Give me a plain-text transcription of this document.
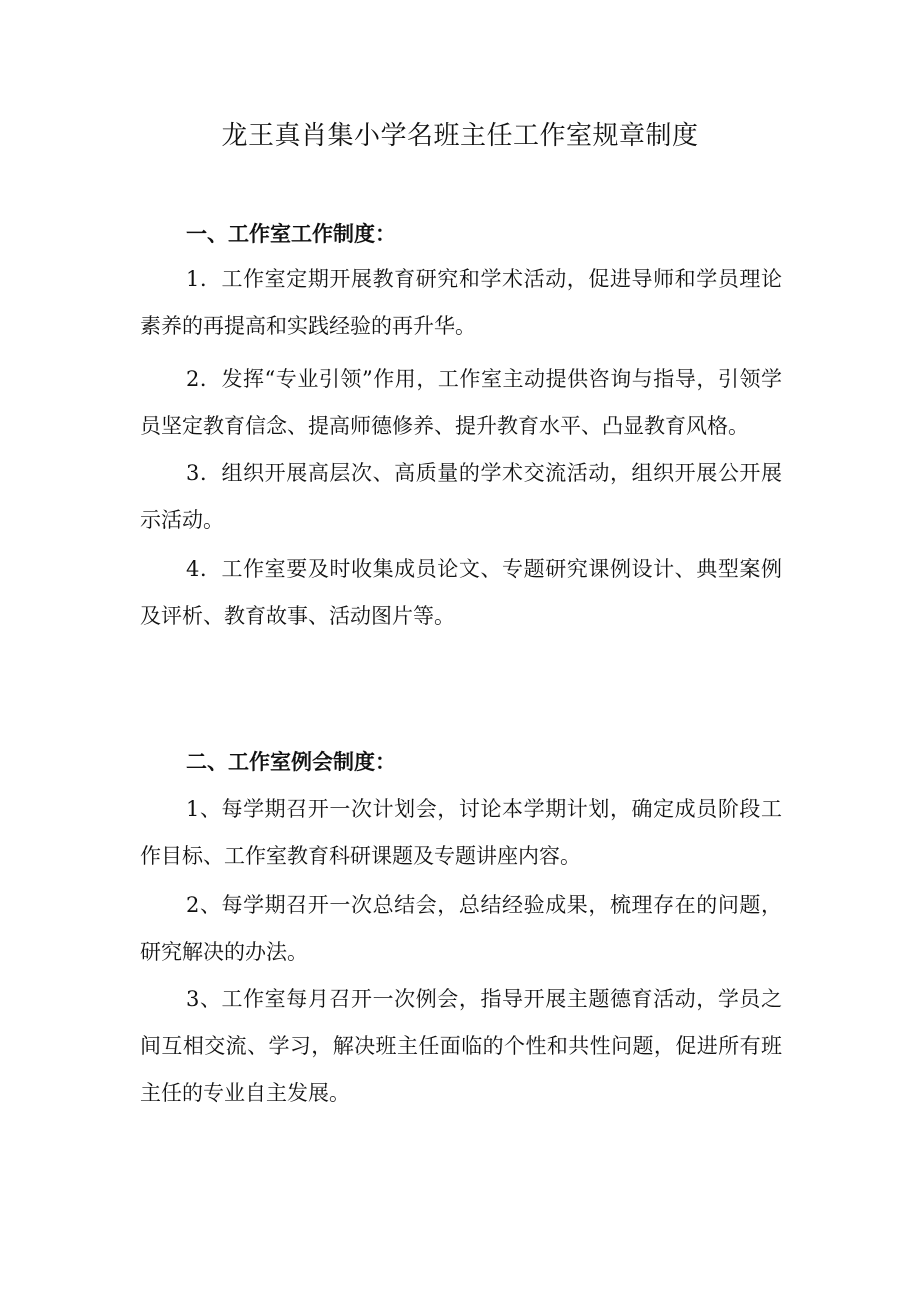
龙王真肖集小学名班主任工作室规章制度
一、工作室工作制度：

1．工作室定期开展教育研究和学术活动，促进导师和学员理论素养的再提高和实践经验的再升华。

2．发挥“专业引领”作用，工作室主动提供咨询与指导，引领学员坚定教育信念、提高师德修养、提升教育水平、凸显教育风格。

3．组织开展高层次、高质量的学术交流活动，组织开展公开展示活动。

4．工作室要及时收集成员论文、专题研究课例设计、典型案例及评析、教育故事、活动图片等。

二、工作室例会制度：

1、每学期召开一次计划会，讨论本学期计划，确定成员阶段工作目标、工作室教育科研课题及专题讲座内容。

2、每学期召开一次总结会，总结经验成果，梳理存在的问题，研究解决的办法。

3、工作室每月召开一次例会，指导开展主题德育活动，学员之间互相交流、学习，解决班主任面临的个性和共性问题，促进所有班主任的专业自主发展。
